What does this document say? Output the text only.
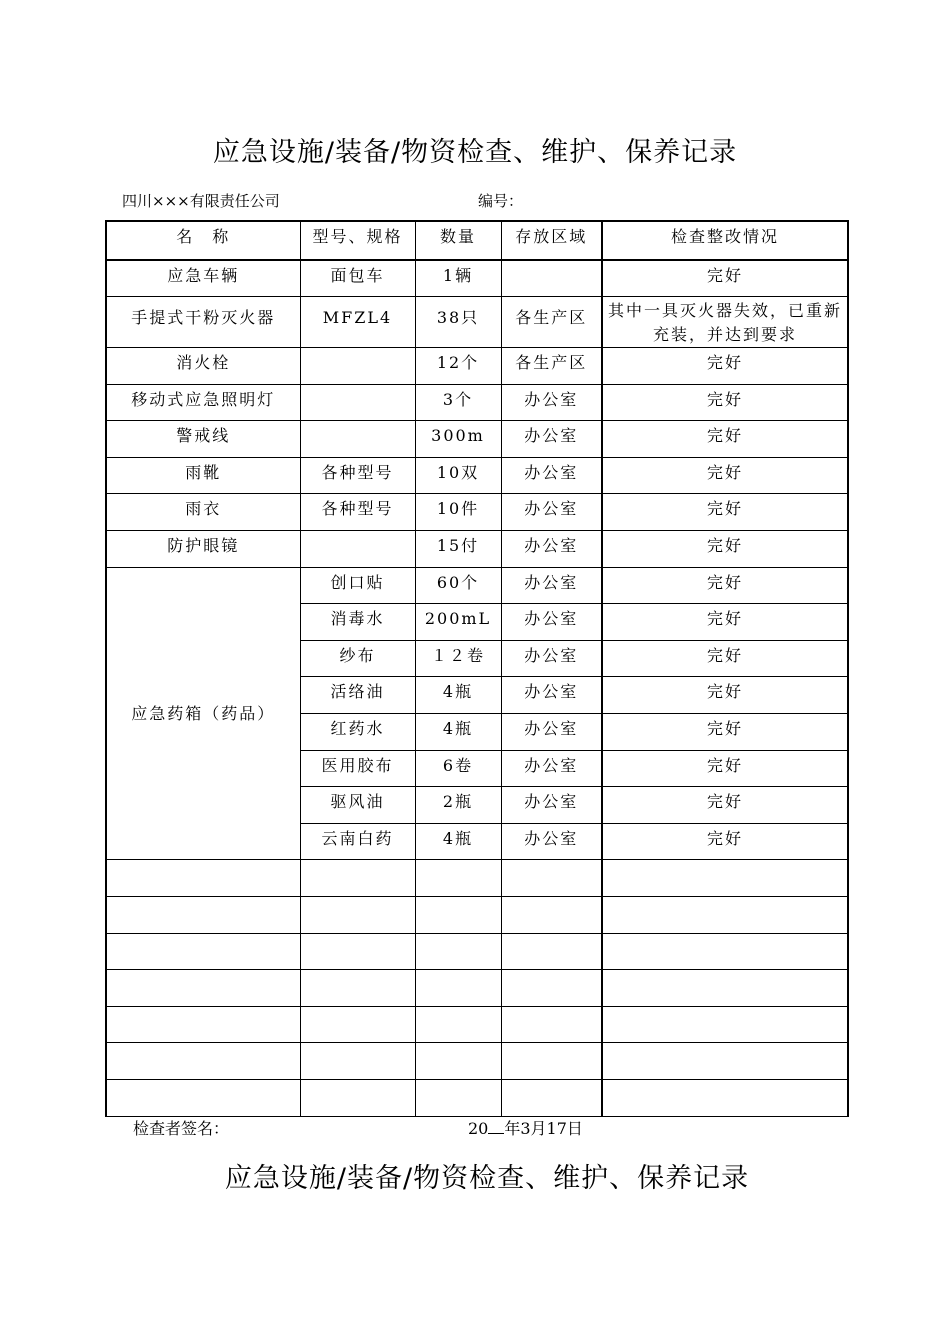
应急设施/装备/物资检查、维护、保养记录
四川×××有限责任公司	编号：
名　称	型号、规格	数量	存放区域	检查整改情况
应急车辆	面包车	1辆		完好
手提式干粉灭火器	MFZL4	38只	各生产区	其中一具灭火器失效，已重新充装，并达到要求
消火栓		12个	各生产区	完好
移动式应急照明灯		3个	办公室	完好
警戒线		300m	办公室	完好
雨靴	各种型号	10双	办公室	完好
雨衣	各种型号	10件	办公室	完好
防护眼镜		15付	办公室	完好
应急药箱（药品）	创口贴	60个	办公室	完好
	消毒水	200mL	办公室	完好
	纱布	１２卷	办公室	完好
	活络油	4瓶	办公室	完好
	红药水	4瓶	办公室	完好
	医用胶布	6卷	办公室	完好
	驱风油	2瓶	办公室	完好
	云南白药	4瓶	办公室	完好

检查者签名：	20 年3月17日
应急设施/装备/物资检查、维护、保养记录
